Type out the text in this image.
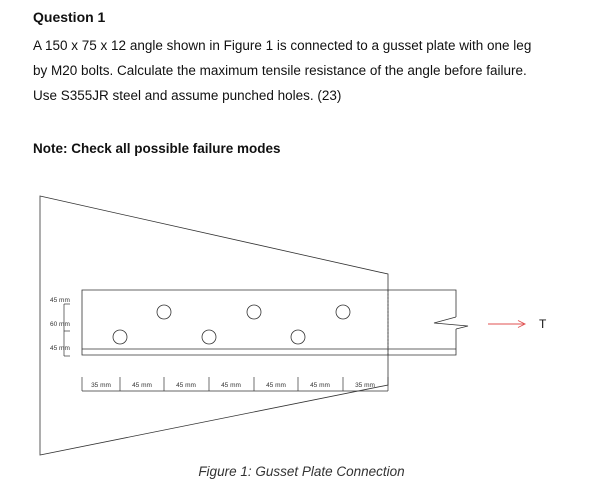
Question 1
A 150 x 75 x 12 angle shown in Figure 1 is connected to a gusset plate with one leg
by M20 bolts. Calculate the maximum tensile resistance of the angle before failure.
Use S355JR steel and assume punched holes. (23)
Note: Check all possible failure modes
T
45 mm
60 mm
45 mm
35 mm	45 mm	45 mm	45 mm	45 mm	45 mm	35 mm
Figure 1: Gusset Plate Connection
